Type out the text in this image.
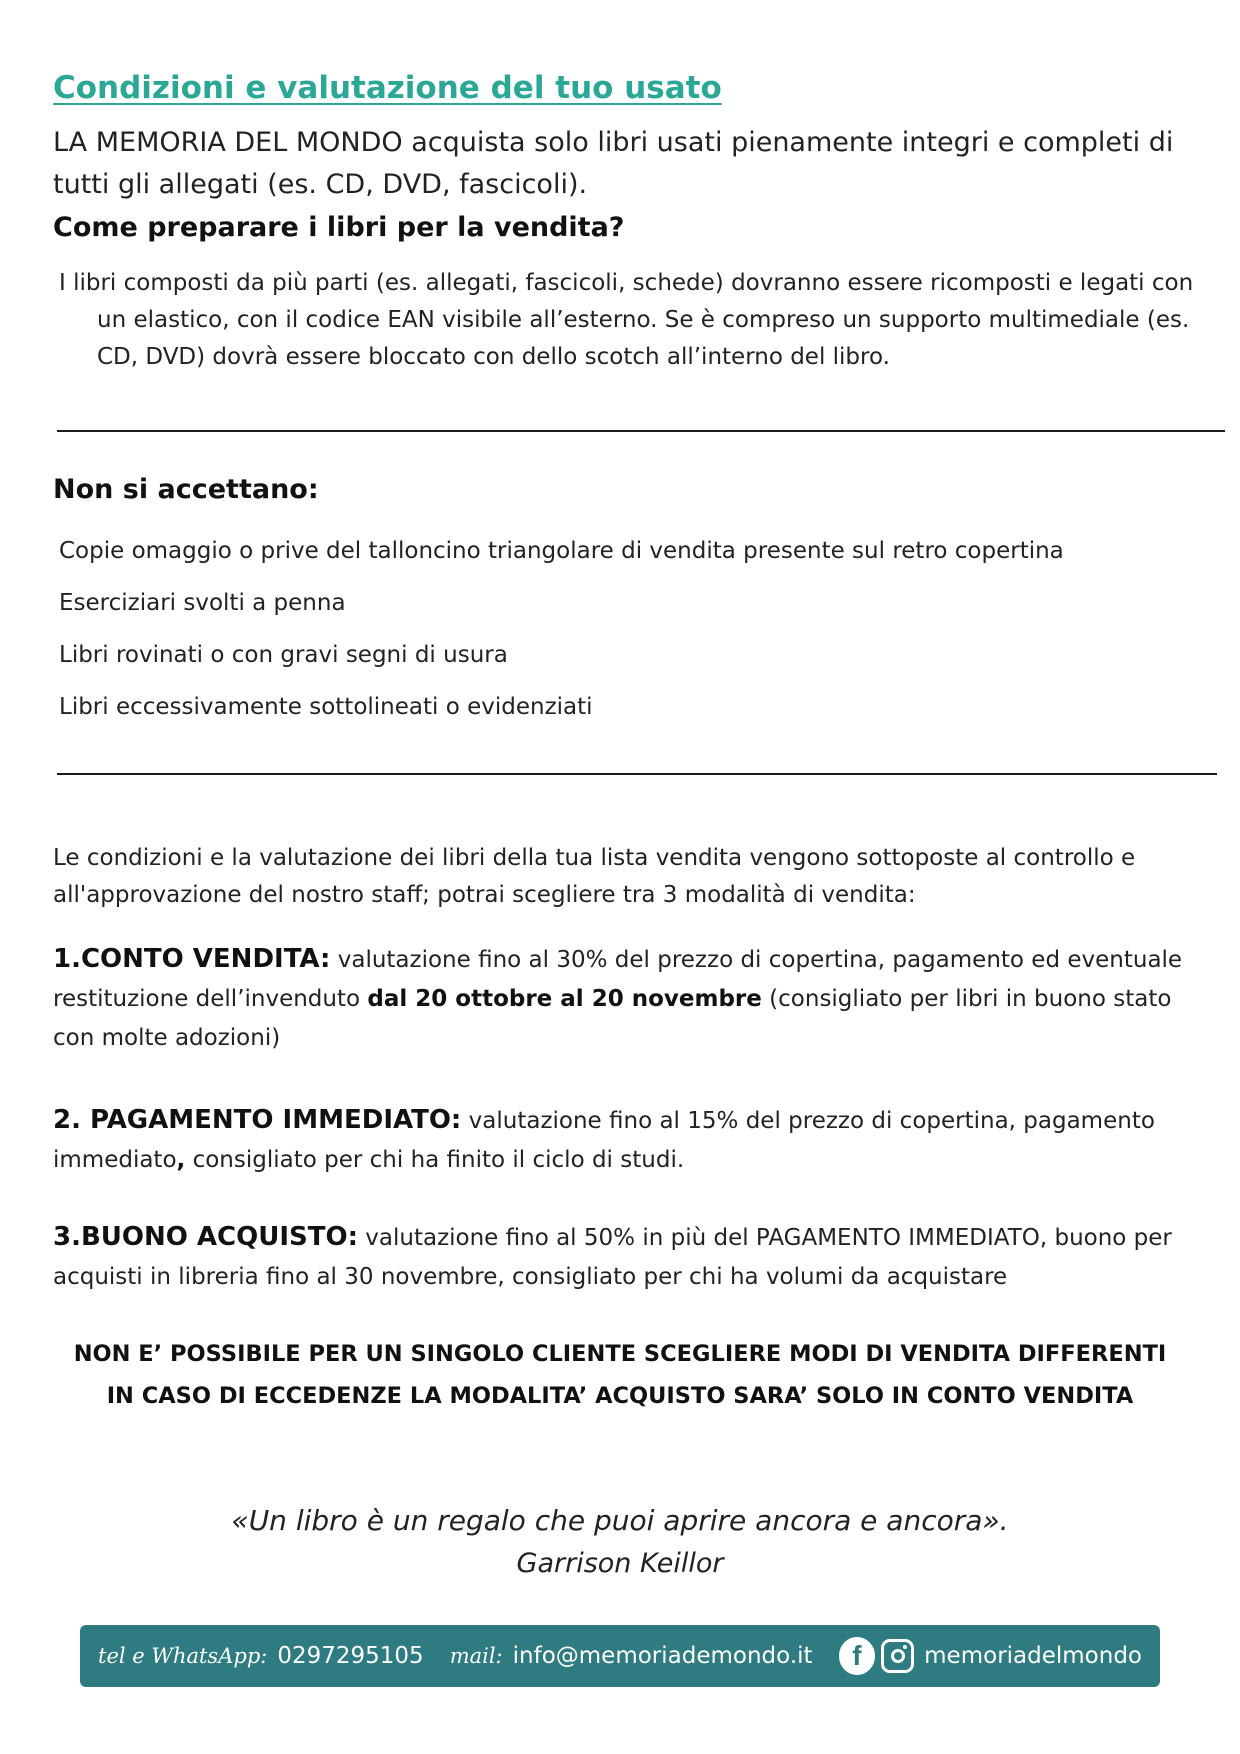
Condizioni e valutazione del tuo usato

LA MEMORIA DEL MONDO acquista solo libri usati pienamente integri e completi di tutti gli allegati (es. CD, DVD, fascicoli).

Come preparare i libri per la vendita?

I libri composti da più parti (es. allegati, fascicoli, schede) dovranno essere ricomposti e legati con un elastico, con il codice EAN visibile all’esterno. Se è compreso un supporto multimediale (es. CD, DVD) dovrà essere bloccato con dello scotch all’interno del libro.

Non si accettano:
Copie omaggio o prive del talloncino triangolare di vendita presente sul retro copertina
Eserciziari svolti a penna
Libri rovinati o con gravi segni di usura
Libri eccessivamente sottolineati o evidenziati

Le condizioni e la valutazione dei libri della tua lista vendita vengono sottoposte al controllo e all'approvazione del nostro staff; potrai scegliere tra 3 modalità di vendita:

1.CONTO VENDITA: valutazione fino al 30% del prezzo di copertina, pagamento ed eventuale restituzione dell’invenduto dal 20 ottobre al 20 novembre (consigliato per libri in buono stato con molte adozioni)

2. PAGAMENTO IMMEDIATO: valutazione fino al 15% del prezzo di copertina, pagamento immediato, consigliato per chi ha finito il ciclo di studi.

3.BUONO ACQUISTO: valutazione fino al 50% in più del PAGAMENTO IMMEDIATO, buono per acquisti in libreria fino al 30 novembre, consigliato per chi ha volumi da acquistare

NON E’ POSSIBILE PER UN SINGOLO CLIENTE SCEGLIERE MODI DI VENDITA DIFFERENTI
IN CASO DI ECCEDENZE LA MODALITA’ ACQUISTO SARA’ SOLO IN CONTO VENDITA

«Un libro è un regalo che puoi aprire ancora e ancora».

Garrison Keillor

tel e WhatsApp: 0297295105 mail: info@memoriademondo.it	f	memoriadelmondo
